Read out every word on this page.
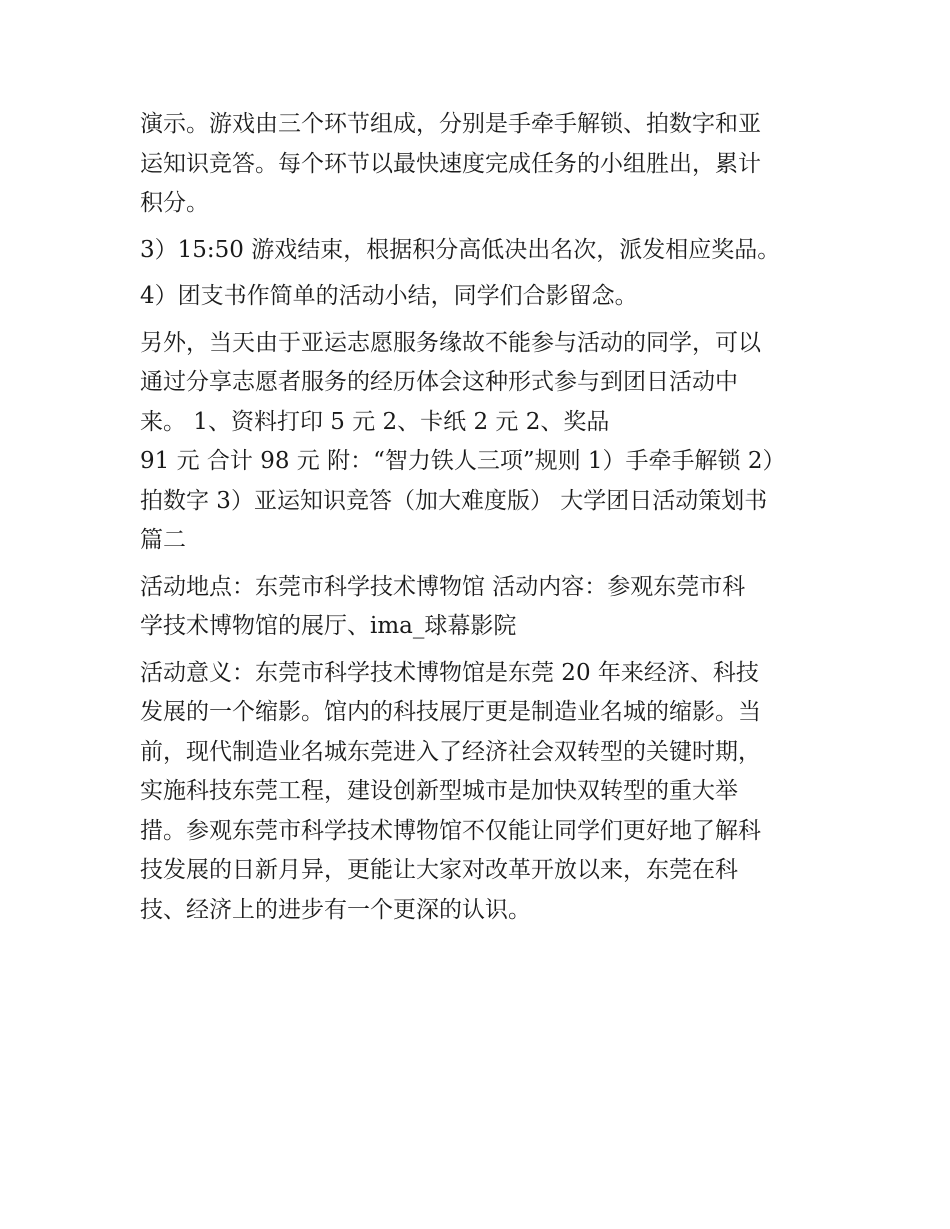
演示。游戏由三个环节组成，分别是手牵手解锁、拍数字和亚
运知识竞答。每个环节以最快速度完成任务的小组胜出，累计
积分。
3）15:50 游戏结束，根据积分高低决出名次，派发相应奖品。
4）团支书作简单的活动小结，同学们合影留念。
另外，当天由于亚运志愿服务缘故不能参与活动的同学，可以
通过分享志愿者服务的经历体会这种形式参与到团日活动中
来。 1、资料打印 5 元 2、卡纸 2 元 2、奖品
91 元 合计 98 元 附：“智力铁人三项”规则 1）手牵手解锁 2）
拍数字 3）亚运知识竞答（加大难度版） 大学团日活动策划书
篇二
活动地点：东莞市科学技术博物馆 活动内容：参观东莞市科
学技术博物馆的展厅、ima_球幕影院
活动意义：东莞市科学技术博物馆是东莞 20 年来经济、科技
发展的一个缩影。馆内的科技展厅更是制造业名城的缩影。当
前，现代制造业名城东莞进入了经济社会双转型的关键时期，
实施科技东莞工程，建设创新型城市是加快双转型的重大举
措。参观东莞市科学技术博物馆不仅能让同学们更好地了解科
技发展的日新月异，更能让大家对改革开放以来，东莞在科
技、经济上的进步有一个更深的认识。
